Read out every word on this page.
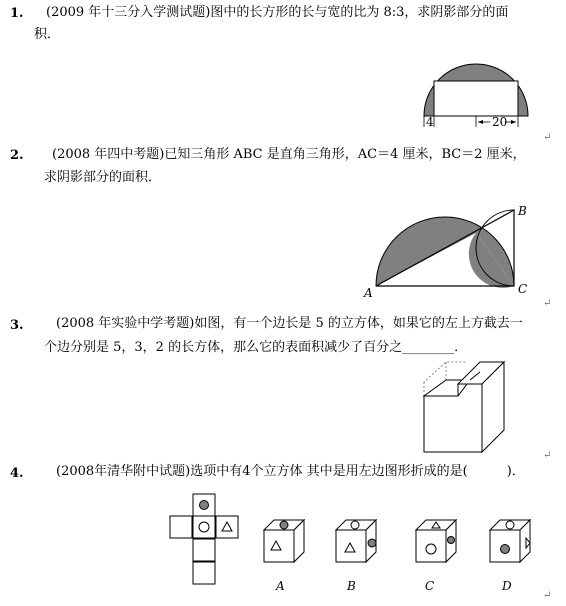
1. (2009 年十三分入学测试题)图中的长方形的长与宽的比为 8:3，求阴影部分的面
积．
2. (2008 年四中考题)已知三角形 ABC 是直角三角形，AC＝4 厘米，BC＝2 厘米，
求阴影部分的面积．
3. (2008 年实验中学考题)如图，有一个边长是 5 的立方体，如果它的左上方截去一
个边分别是 5，3，2 的长方体，那么它的表面积减少了百分之________．
4. (2008年清华附中试题)选项中有4个立方体 其中是用左边图形折成的是(　　　)．
↵
↵
↵
↵
4	20
A
B
C
A	B	C	D
